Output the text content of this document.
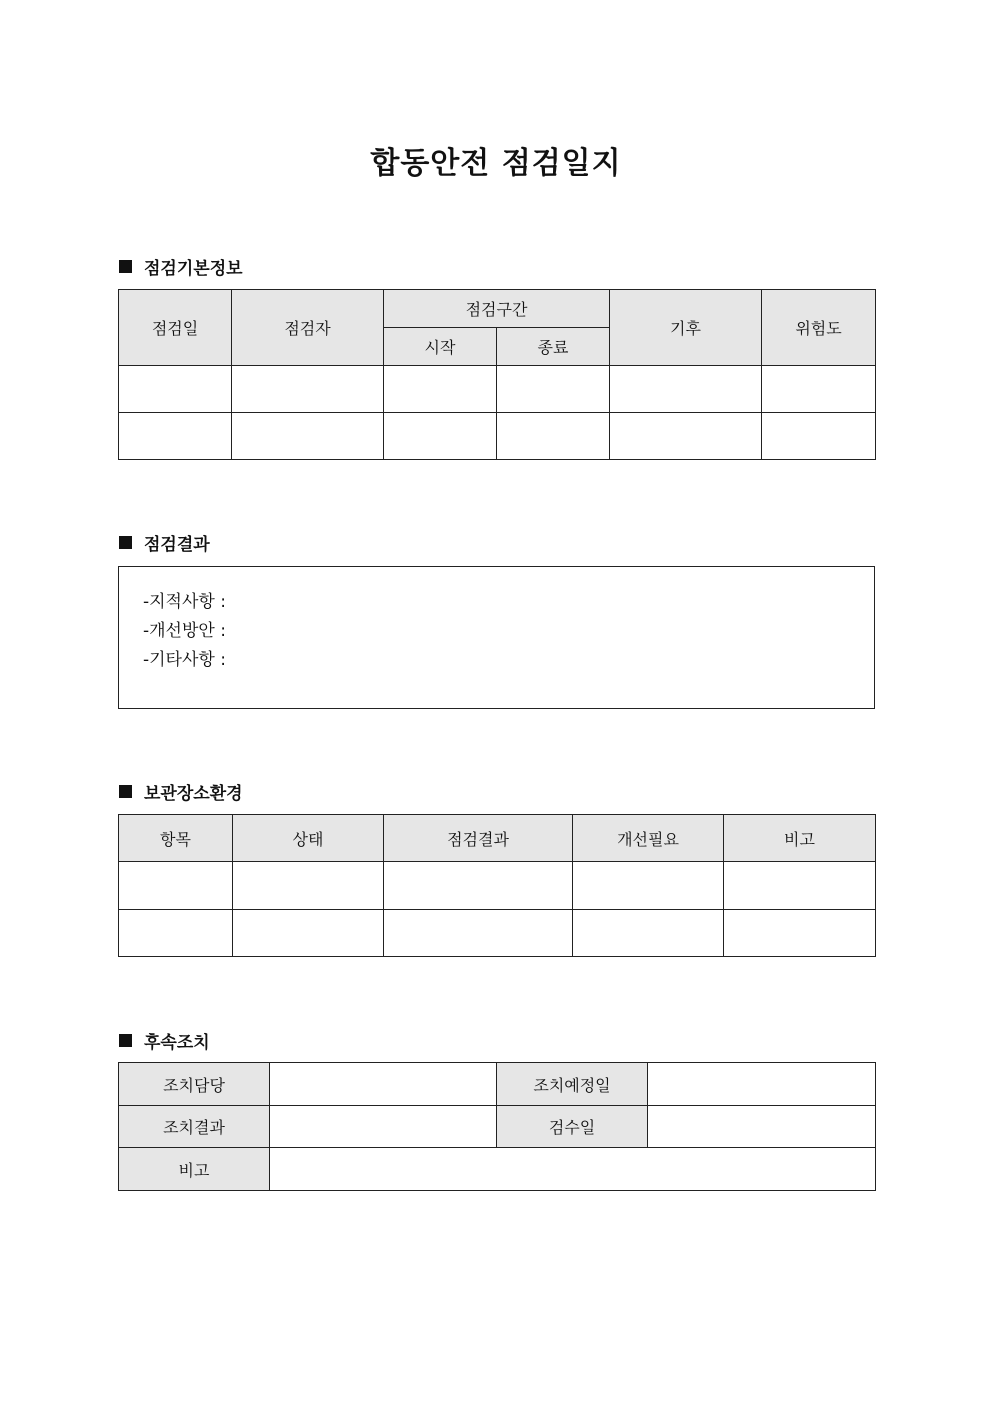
합동안전 점검일지
점검기본정보
점검일	점검자	점검구간		기후	위험도
		시작	종료		

점검결과
-지적사항 :
-개선방안 :
-기타사항 :
보관장소환경
항목	상태	점검결과	개선필요	비고

후속조치
조치담당		조치예정일	
조치결과		검수일	
비고			
